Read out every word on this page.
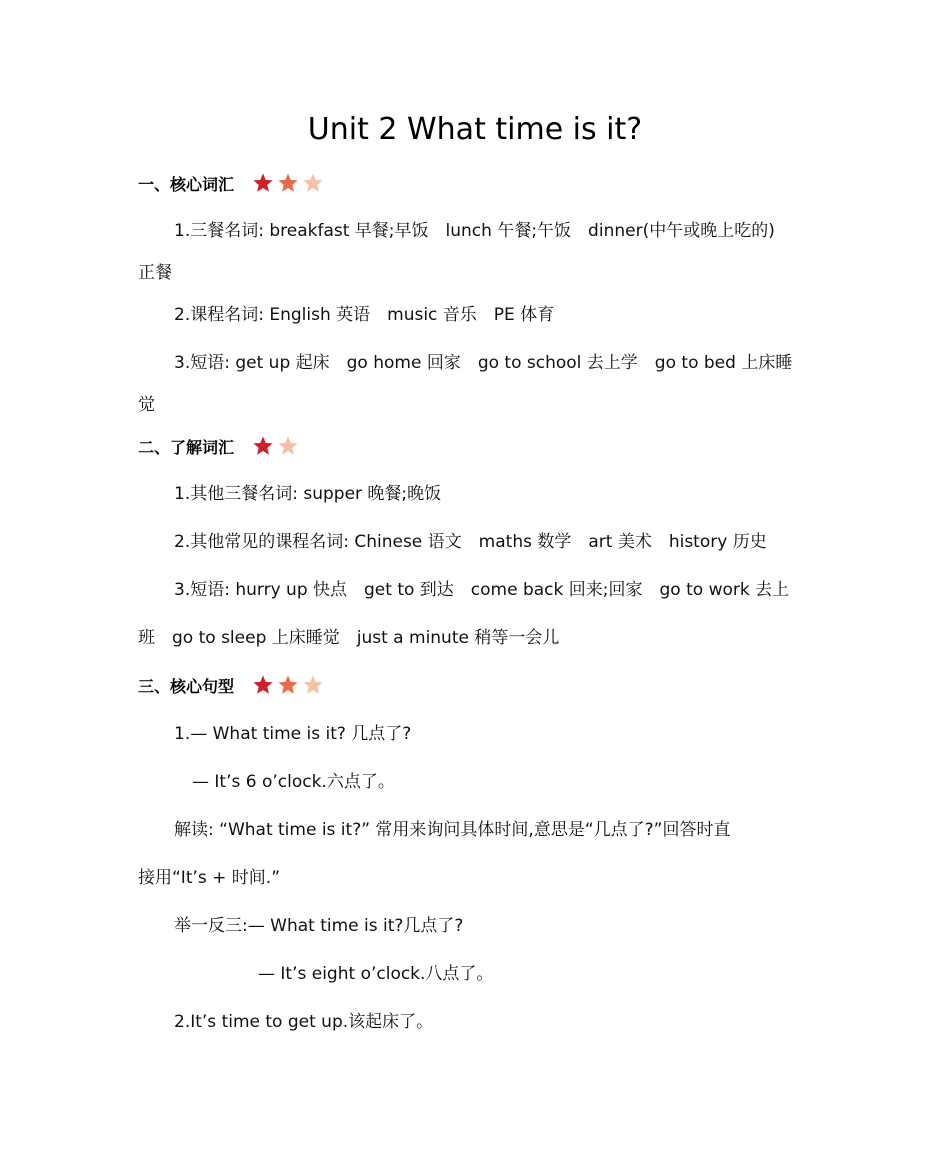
Unit 2 What time is it?
一、核心词汇
1.三餐名词: breakfast 早餐;早饭　lunch 午餐;午饭　dinner(中午或晚上吃的)
正餐
2.课程名词: English 英语　music 音乐　PE 体育
3.短语: get up 起床　go home 回家　go to school 去上学　go to bed 上床睡
觉
二、了解词汇
1.其他三餐名词: supper 晚餐;晚饭
2.其他常见的课程名词: Chinese 语文　maths 数学　art 美术　history 历史
3.短语: hurry up 快点　get to 到达　come back 回来;回家　go to work 去上
班　go to sleep 上床睡觉　just a minute 稍等一会儿
三、核心句型
1.— What time is it? 几点了?
— It’s 6 o’clock.六点了。
解读: “What time is it?” 常用来询问具体时间,意思是“几点了?”回答时直
接用“It’s + 时间.”
举一反三:— What time is it?几点了?
— It’s eight o’clock.八点了。
2.It’s time to get up.该起床了。
